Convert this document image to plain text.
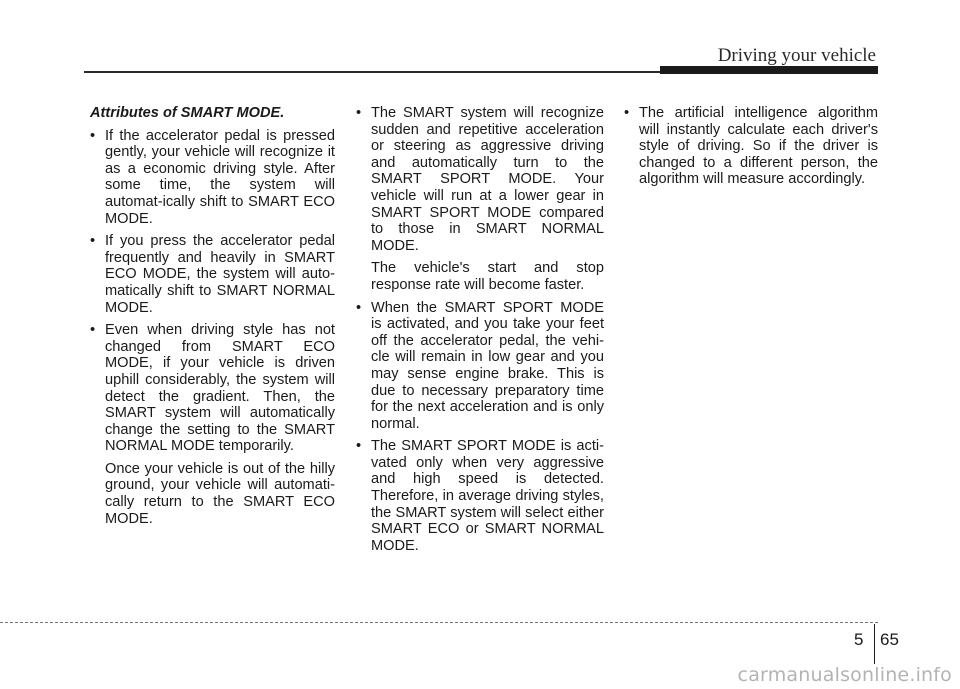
Driving your vehicle
Attributes of SMART MODE.

• If the accelerator pedal is pressed gently, your vehicle will recognize it as a economic driving style. After some time, the system will automat-ically shift to SMART ECO MODE.

• If you press the accelerator pedal frequently and heavily in SMART ECO MODE, the system will auto-matically shift to SMART NORMAL MODE.

• Even when driving style has not changed from SMART ECO MODE, if your vehicle is driven uphill considerably, the system will detect the gradient. Then, the SMART system will automatically change the setting to the SMART NORMAL MODE temporarily.

Once your vehicle is out of the hilly ground, your vehicle will automati-cally return to the SMART ECO MODE.

• The SMART system will recognize sudden and repetitive acceleration or steering as aggressive driving and automatically turn to the SMART SPORT MODE. Your vehicle will run at a lower gear in SMART SPORT MODE compared to those in SMART NORMAL MODE.

The vehicle's start and stop response rate will become faster.

• When the SMART SPORT MODE is activated, and you take your feet off the accelerator pedal, the vehi-cle will remain in low gear and you may sense engine brake. This is due to necessary preparatory time for the next acceleration and is only normal.

• The SMART SPORT MODE is acti-vated only when very aggressive and high speed is detected. Therefore, in average driving styles, the SMART system will select either SMART ECO or SMART NORMAL MODE.

• The artificial intelligence algorithm will instantly calculate each driver's style of driving. So if the driver is changed to a different person, the algorithm will measure accordingly.

5 65
carmanualsonline.info
